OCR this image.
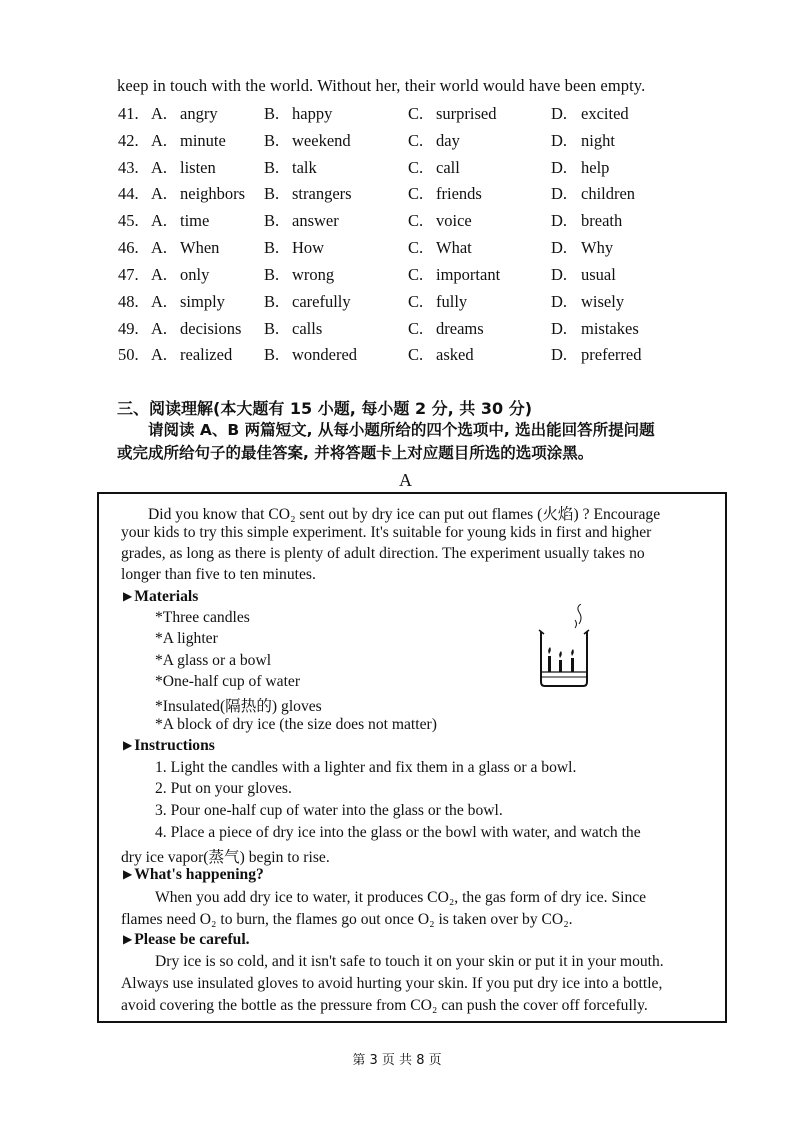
keep in touch with the world. Without her, their world would have been empty.
41. A. angry	B. happy	C. surprised	D. excited
42. A. minute B. weekend	C. day	D. night
43. A. listen	B. talk	C. call	D. help
44. A. neighbors B. strangers	C. friends	D. children
45. A. time	B. answer	C. voice	D. breath
46. A. When	B. How	C. What	D. Why
47. A. only	B. wrong	C. important	D. usual
48. A. simply B. carefully	C. fully	D. wisely
49. A. decisions B. calls	C. dreams	D. mistakes
50. A. realized B. wondered	C. asked	D. preferred
三、阅读理解(本大题有 15 小题, 每小题 2 分, 共 30 分)
请阅读 A、B 两篇短文, 从每小题所给的四个选项中, 选出能回答所提问题
或完成所给句子的最佳答案, 并将答题卡上对应题目所选的选项涂黑。
A
Did you know that CO₂ sent out by dry ice can put out flames (火焰) ? Encourage
your kids to try this simple experiment. It's suitable for young kids in first and higher
grades, as long as there is plenty of adult direction. The experiment usually takes no
longer than five to ten minutes.
▶ Materials
*Three candles
*A lighter
*A glass or a bowl
*One-half cup of water
*Insulated(隔热的) gloves
*A block of dry ice (the size does not matter)
▶ Instructions
1. Light the candles with a lighter and fix them in a glass or a bowl.
2. Put on your gloves.
3. Pour one-half cup of water into the glass or the bowl.
4. Place a piece of dry ice into the glass or the bowl with water, and watch the
dry ice vapor(蒸气) begin to rise.
▶ What's happening?
When you add dry ice to water, it produces CO₂, the gas form of dry ice. Since
flames need O₂ to burn, the flames go out once O₂ is taken over by CO₂.
▶ Please be careful.
Dry ice is so cold, and it isn't safe to touch it on your skin or put it in your mouth.
Always use insulated gloves to avoid hurting your skin. If you put dry ice into a bottle,
avoid covering the bottle as the pressure from CO₂ can push the cover off forcefully.
第 3 页 共 8 页
